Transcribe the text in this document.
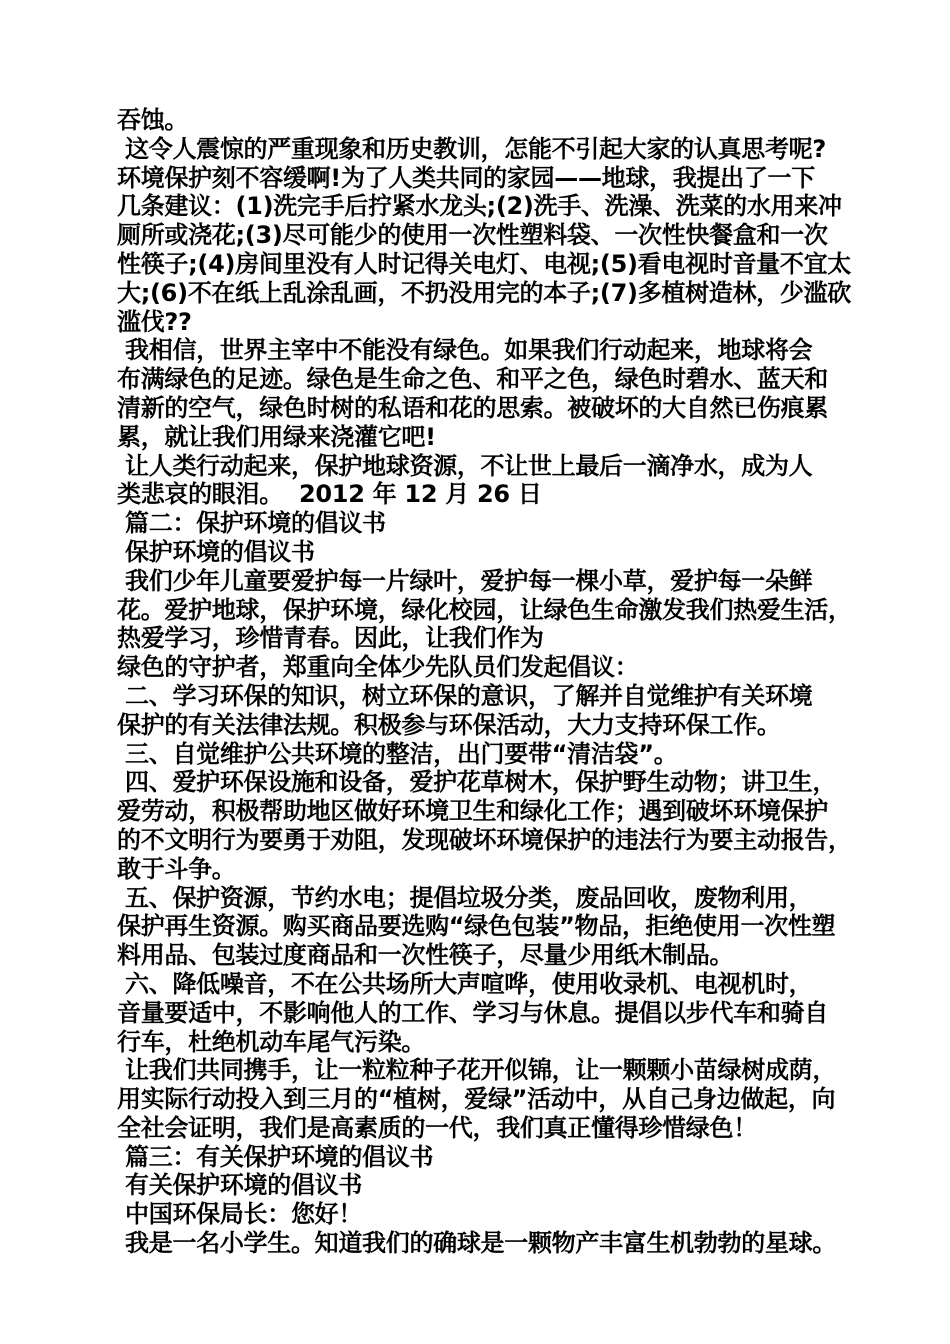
吞蚀。
这令人震惊的严重现象和历史教训，怎能不引起大家的认真思考呢?
环境保护刻不容缓啊!为了人类共同的家园——地球，我提出了一下
几条建议：(1)洗完手后拧紧水龙头;(2)洗手、洗澡、洗菜的水用来冲
厕所或浇花;(3)尽可能少的使用一次性塑料袋、一次性快餐盒和一次
性筷子;(4)房间里没有人时记得关电灯、电视;(5)看电视时音量不宜太
大;(6)不在纸上乱涂乱画，不扔没用完的本子;(7)多植树造林，少滥砍
滥伐??
我相信，世界主宰中不能没有绿色。如果我们行动起来，地球将会
布满绿色的足迹。绿色是生命之色、和平之色，绿色时碧水、蓝天和
清新的空气，绿色时树的私语和花的思索。被破坏的大自然已伤痕累
累，就让我们用绿来浇灌它吧!
让人类行动起来，保护地球资源，不让世上最后一滴净水，成为人
类悲哀的眼泪。  2012 年 12 月 26 日
篇二：保护环境的倡议书
保护环境的倡议书
我们少年儿童要爱护每一片绿叶，爱护每一棵小草，爱护每一朵鲜
花。爱护地球，保护环境，绿化校园，让绿色生命激发我们热爱生活，
热爱学习，珍惜青春。因此，让我们作为
绿色的守护者，郑重向全体少先队员们发起倡议：
二、学习环保的知识，树立环保的意识，了解并自觉维护有关环境
保护的有关法律法规。积极参与环保活动，大力支持环保工作。
三、自觉维护公共环境的整洁，出门要带“清洁袋”。
四、爱护环保设施和设备，爱护花草树木，保护野生动物；讲卫生，
爱劳动，积极帮助地区做好环境卫生和绿化工作；遇到破坏环境保护
的不文明行为要勇于劝阻，发现破坏环境保护的违法行为要主动报告，
敢于斗争。
五、保护资源，节约水电；提倡垃圾分类，废品回收，废物利用，
保护再生资源。购买商品要选购“绿色包装”物品，拒绝使用一次性塑
料用品、包装过度商品和一次性筷子，尽量少用纸木制品。
六、降低噪音，不在公共场所大声喧哗，使用收录机、电视机时，
音量要适中，不影响他人的工作、学习与休息。提倡以步代车和骑自
行车，杜绝机动车尾气污染。
让我们共同携手，让一粒粒种子花开似锦，让一颗颗小苗绿树成荫，
用实际行动投入到三月的“植树，爱绿”活动中，从自己身边做起，向
全社会证明，我们是高素质的一代，我们真正懂得珍惜绿色！
篇三：有关保护环境的倡议书
有关保护环境的倡议书
中国环保局长：您好！
我是一名小学生。知道我们的确球是一颗物产丰富生机勃勃的星球。
